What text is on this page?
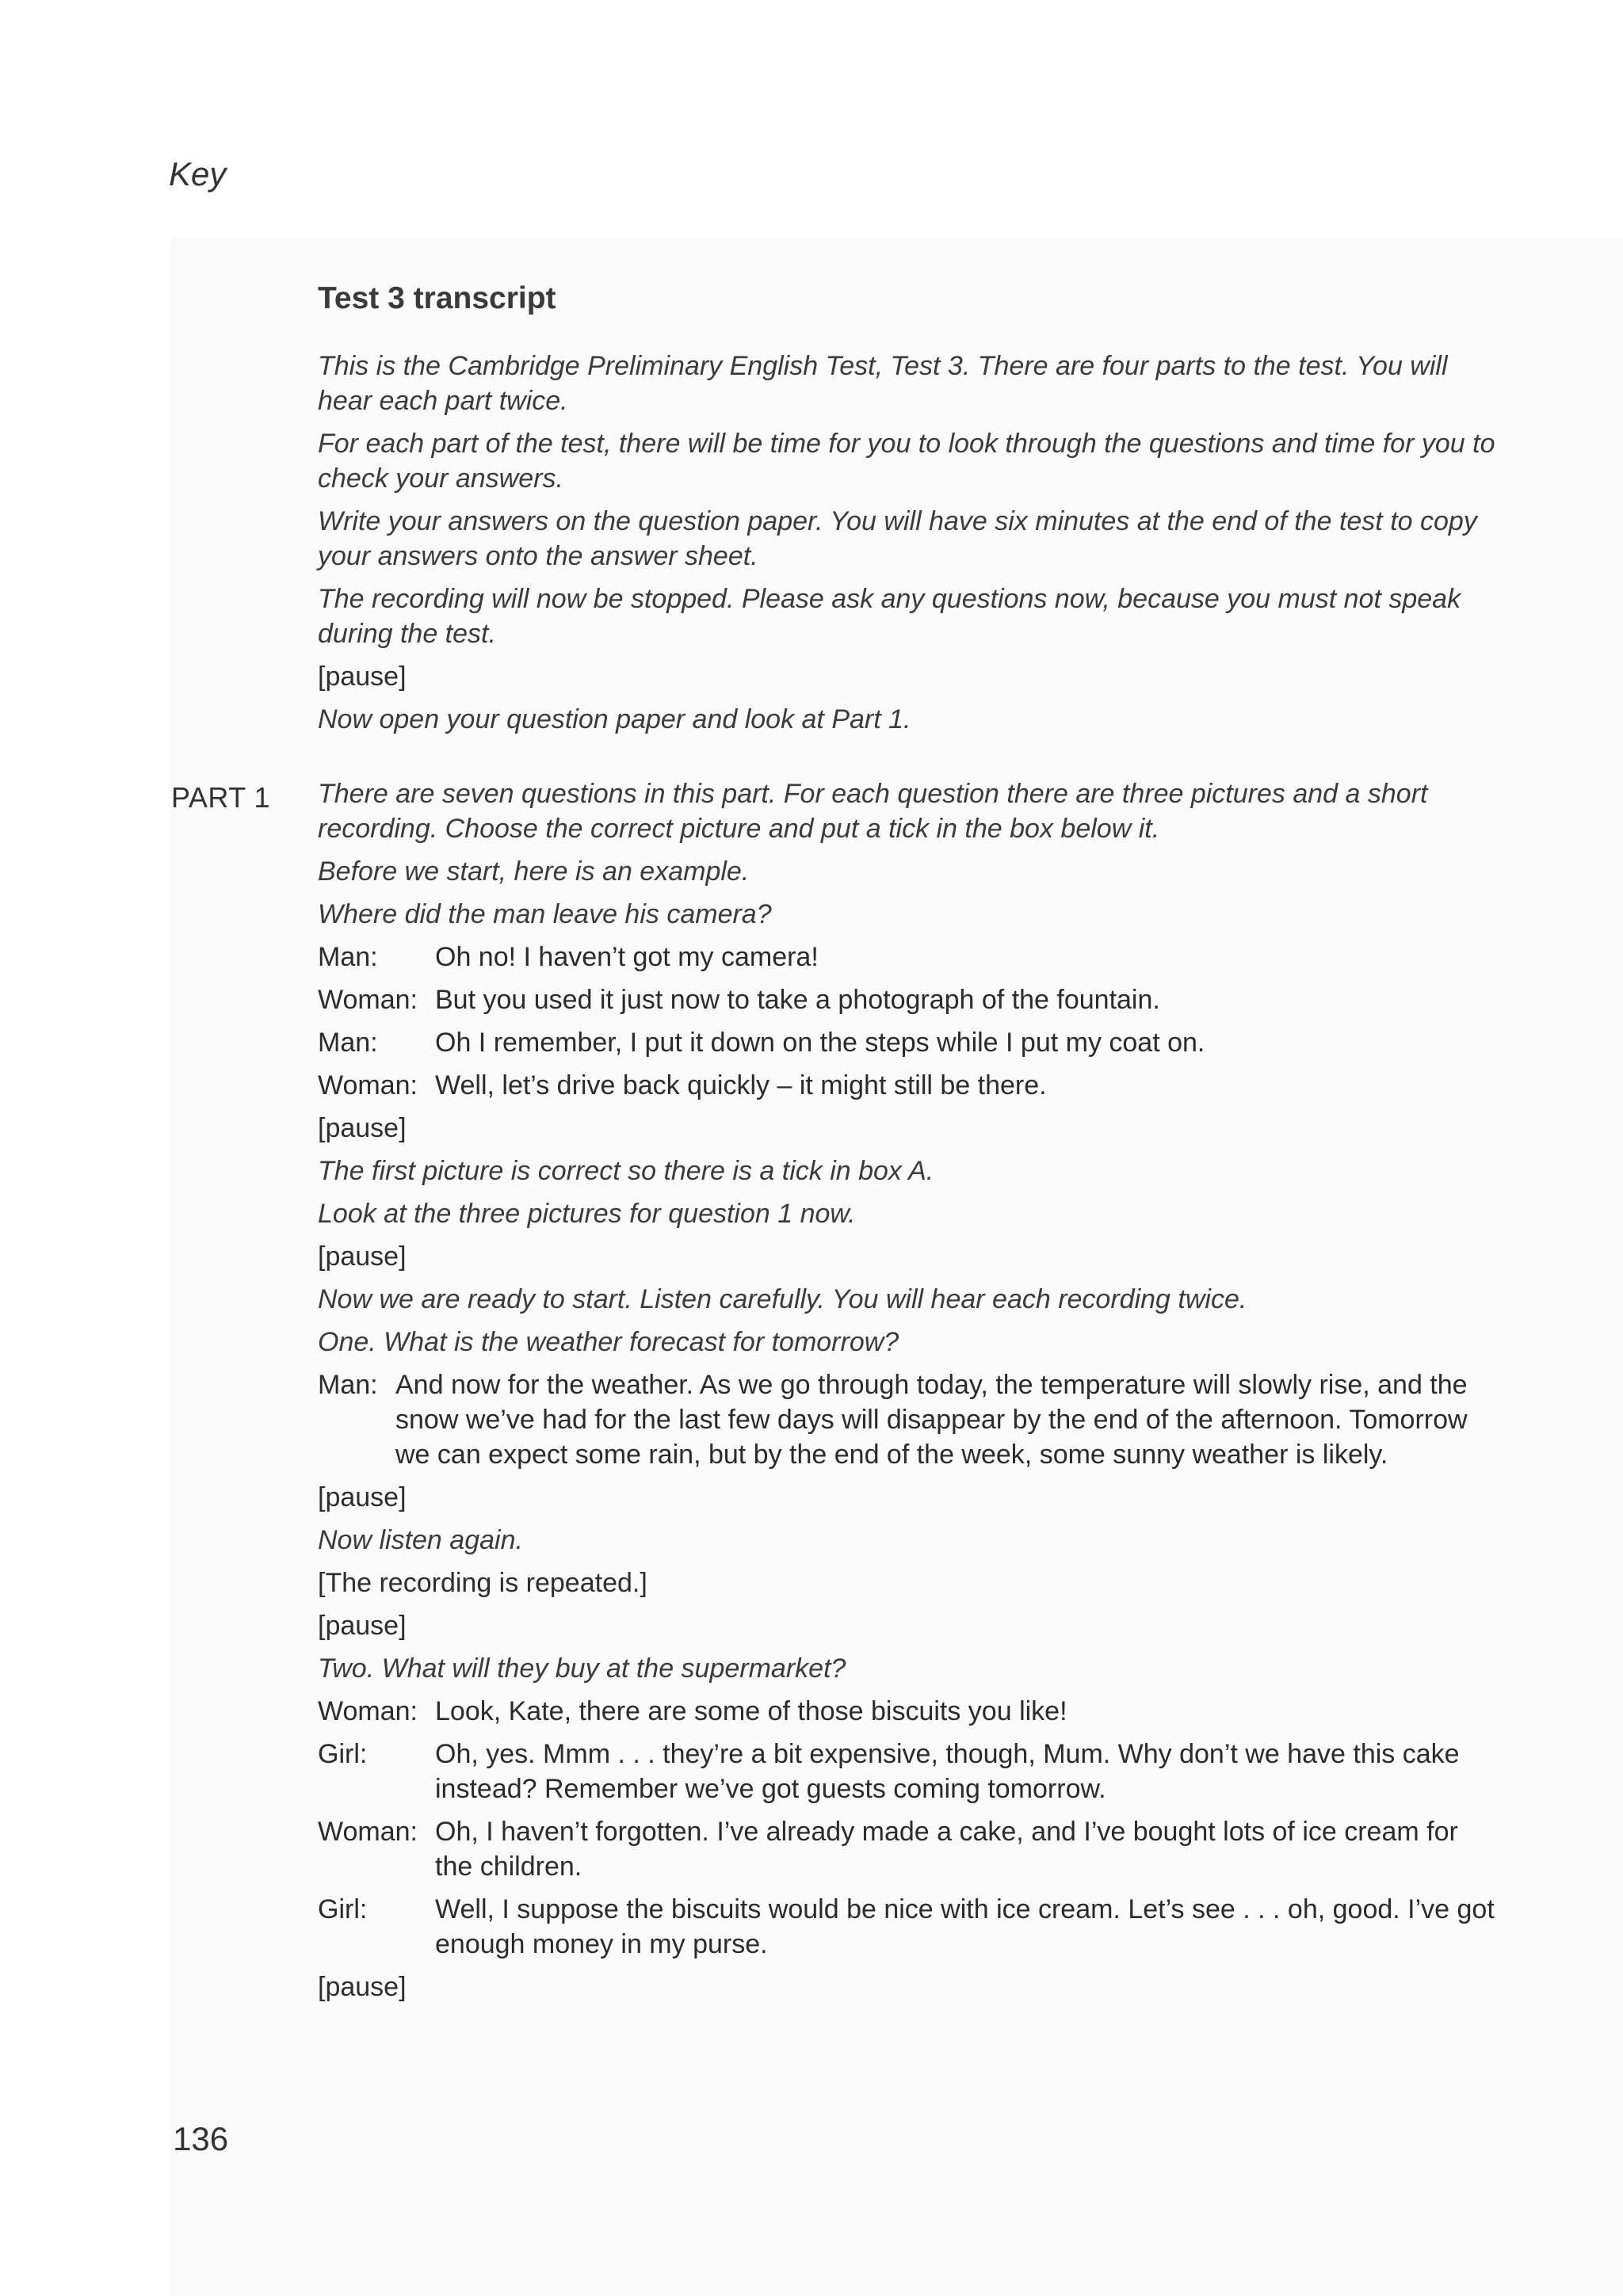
Key
PART 1
Test 3 transcript

This is the Cambridge Preliminary English Test, Test 3. There are four parts to the test. You will hear each part twice.

For each part of the test, there will be time for you to look through the questions and time for you to check your answers.

Write your answers on the question paper. You will have six minutes at the end of the test to copy your answers onto the answer sheet.

The recording will now be stopped. Please ask any questions now, because you must not speak during the test.

[pause]

Now open your question paper and look at Part 1.

There are seven questions in this part. For each question there are three pictures and a short recording. Choose the correct picture and put a tick in the box below it.

Before we start, here is an example.

Where did the man leave his camera?

Man:	Oh no! I haven’t got my camera!
Woman: But you used it just now to take a photograph of the fountain.
Man:	Oh I remember, I put it down on the steps while I put my coat on.
Woman: Well, let’s drive back quickly – it might still be there.

[pause]

The first picture is correct so there is a tick in box A.

Look at the three pictures for question 1 now.

[pause]

Now we are ready to start. Listen carefully. You will hear each recording twice.

One. What is the weather forecast for tomorrow?

Man: And now for the weather. As we go through today, the temperature will slowly rise, and the snow we’ve had for the last few days will disappear by the end of the afternoon. Tomorrow we can expect some rain, but by the end of the week, some sunny weather is likely.

[pause]

Now listen again.

[The recording is repeated.]

[pause]

Two. What will they buy at the supermarket?

Woman: Look, Kate, there are some of those biscuits you like!
Girl:	Oh, yes. Mmm . . . they’re a bit expensive, though, Mum. Why don’t we have this cake instead? Remember we’ve got guests coming tomorrow.
Woman: Oh, I haven’t forgotten. I’ve already made a cake, and I’ve bought lots of ice cream for the children.
Girl:	Well, I suppose the biscuits would be nice with ice cream. Let’s see . . . oh, good. I’ve got enough money in my purse.

[pause]

136
